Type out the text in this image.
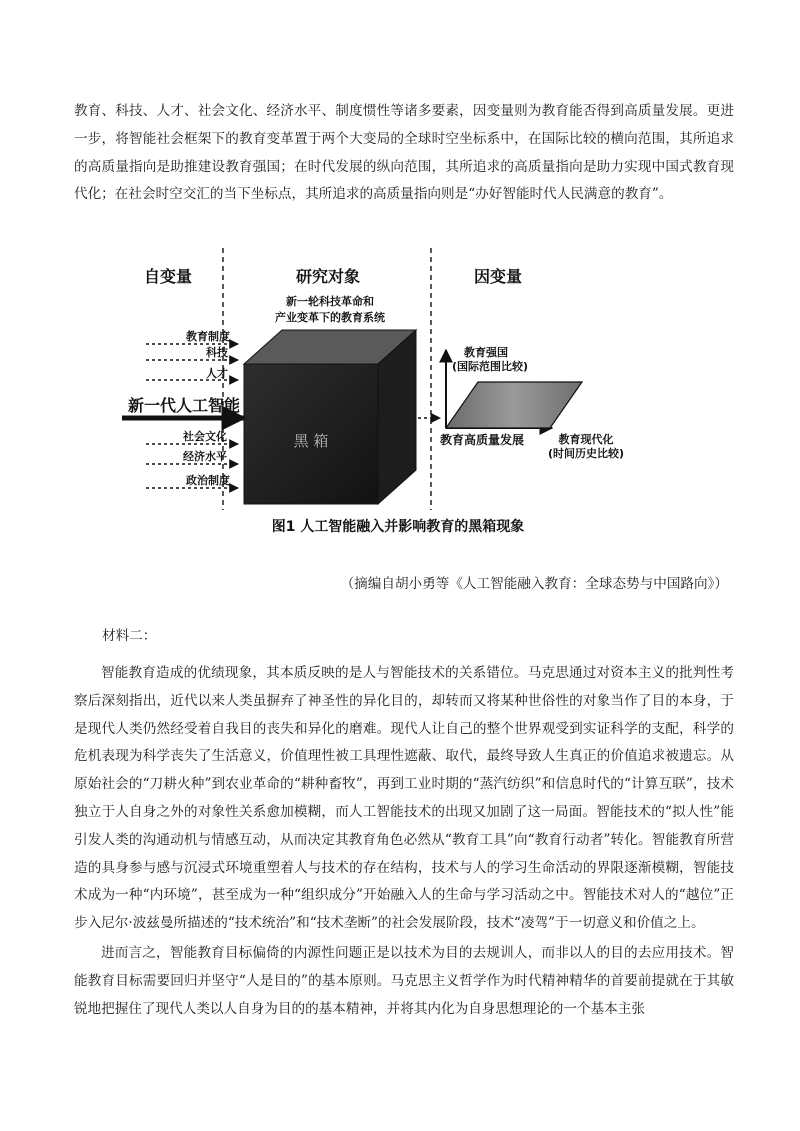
教育、科技、人才、社会文化、经济水平、制度惯性等诸多要素，因变量则为教育能否得到高质量发展。更进一步，将智能社会框架下的教育变革置于两个大变局的全球时空坐标系中，在国际比较的横向范围，其所追求的高质量指向是助推建设教育强国；在时代发展的纵向范围，其所追求的高质量指向是助力实现中国式教育现代化；在社会时空交汇的当下坐标点，其所追求的高质量指向则是“办好智能时代人民满意的教育”。

自变量	研究对象	因变量
新一轮科技革命和
产业变革下的教育系统
教育制度
科技
人才
新一代人工智能
社会文化
经济水平
政治制度
黑 箱
教育强国
(国际范围比较)
教育高质量发展	教育现代化
(时间历史比较)
图1 人工智能融入并影响教育的黑箱现象

（摘编自胡小勇等《人工智能融入教育：全球态势与中国路向》）

材料二：

智能教育造成的优绩现象，其本质反映的是人与智能技术的关系错位。马克思通过对资本主义的批判性考察后深刻指出，近代以来人类虽摒弃了神圣性的异化目的，却转而又将某种世俗性的对象当作了目的本身，于是现代人类仍然经受着自我目的丧失和异化的磨难。现代人让自己的整个世界观受到实证科学的支配，科学的危机表现为科学丧失了生活意义，价值理性被工具理性遮蔽、取代，最终导致人生真正的价值追求被遗忘。从原始社会的“刀耕火种”到农业革命的“耕种畜牧”，再到工业时期的“蒸汽纺织”和信息时代的“计算互联”，技术独立于人自身之外的对象性关系愈加模糊，而人工智能技术的出现又加剧了这一局面。智能技术的“拟人性”能引发人类的沟通动机与情感互动，从而决定其教育角色必然从“教育工具”向“教育行动者”转化。智能教育所营造的具身参与感与沉浸式环境重塑着人与技术的存在结构，技术与人的学习生命活动的界限逐渐模糊，智能技术成为一种“内环境”，甚至成为一种“组织成分”开始融入人的生命与学习活动之中。智能技术对人的“越位”正步入尼尔·波兹曼所描述的“技术统治”和“技术垄断”的社会发展阶段，技术“凌驾”于一切意义和价值之上。

进而言之，智能教育目标偏倚的内源性问题正是以技术为目的去规训人，而非以人的目的去应用技术。智能教育目标需要回归并坚守“人是目的”的基本原则。马克思主义哲学作为时代精神精华的首要前提就在于其敏锐地把握住了现代人类以人自身为目的的基本精神，并将其内化为自身思想理论的一个基本主张
